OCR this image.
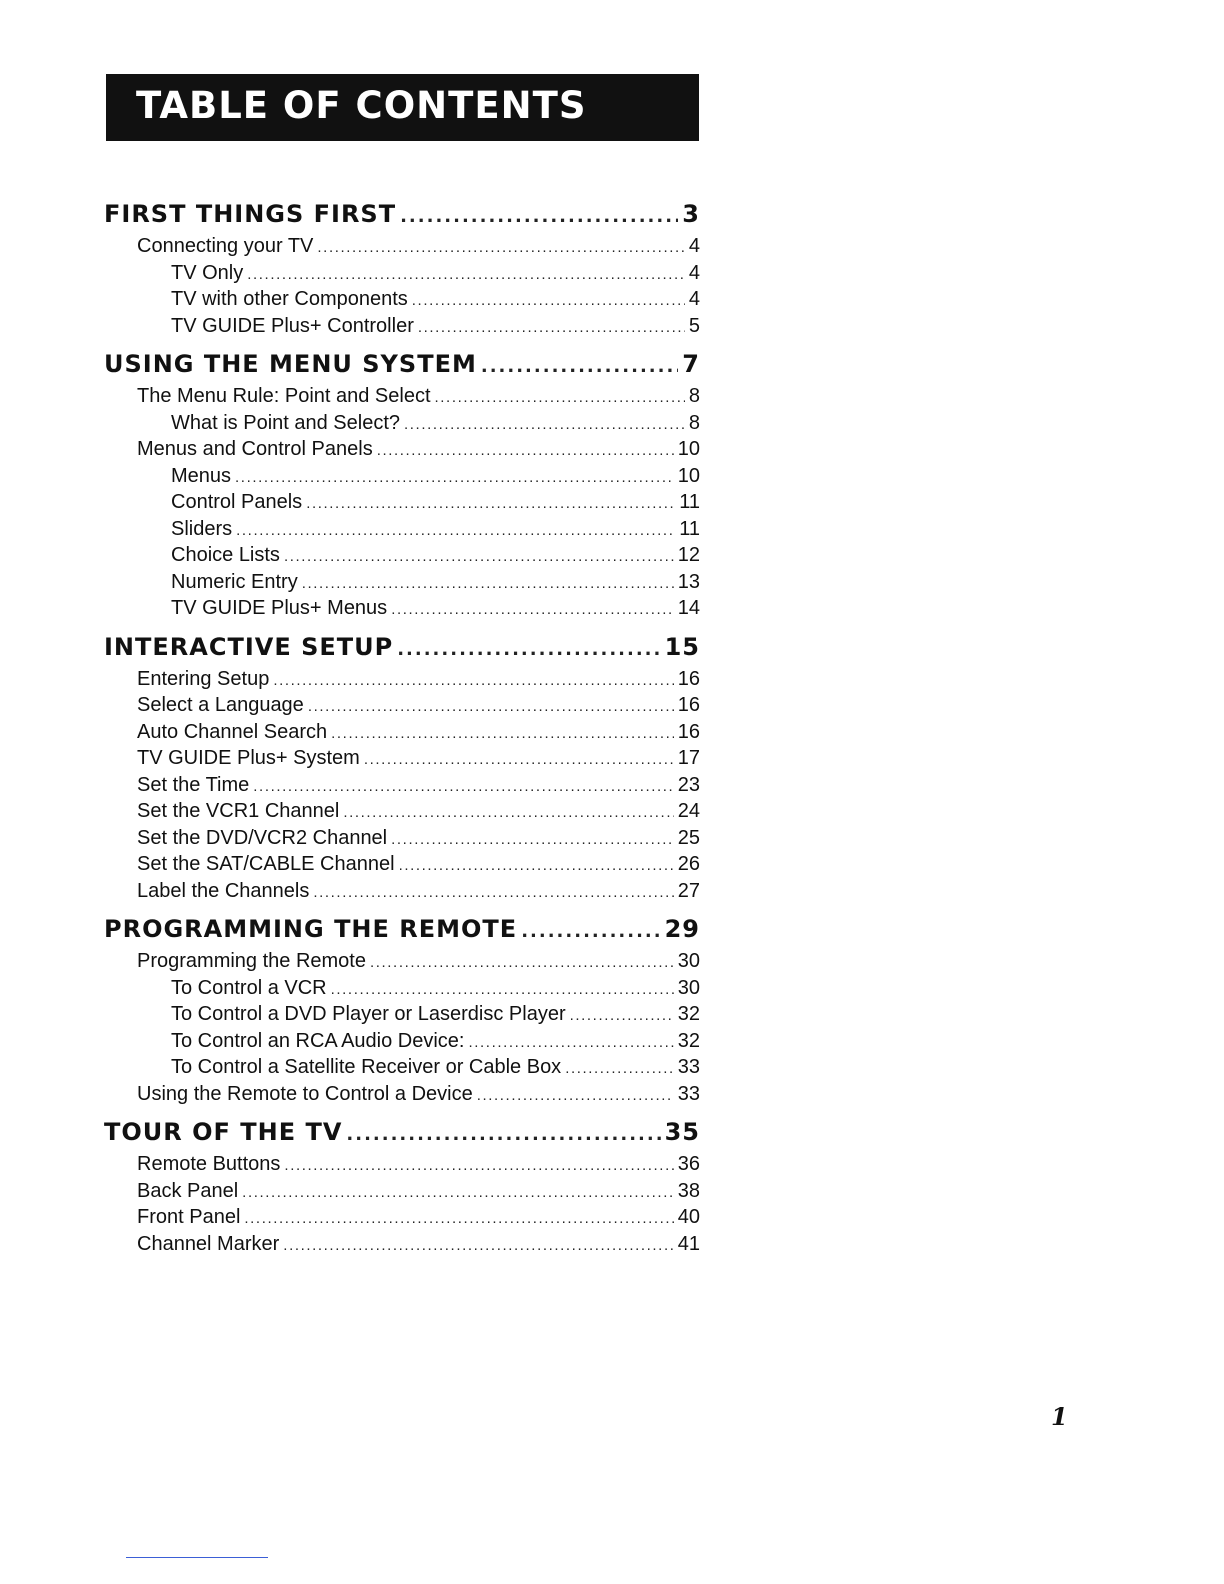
TABLE OF CONTENTS
FIRST THINGS FIRST .....	3
Connecting your TV .....	4
TV Only .....	4
TV with other Components .....	4
TV GUIDE Plus+ Controller .....	5
USING THE MENU SYSTEM .....	7
The Menu Rule: Point and Select .....	8
What is Point and Select? .....	8
Menus and Control Panels .....	10
Menus .....	10
Control Panels .....	11
Sliders .....	11
Choice Lists .....	12
Numeric Entry .....	13
TV GUIDE Plus+ Menus .....	14
INTERACTIVE SETUP .....	15
Entering Setup .....	16
Select a Language .....	16
Auto Channel Search .....	16
TV GUIDE Plus+ System .....	17
Set the Time .....	23
Set the VCR1 Channel .....	24
Set the DVD/VCR2 Channel .....	25
Set the SAT/CABLE Channel .....	26
Label the Channels .....	27
PROGRAMMING THE REMOTE .....	29
Programming the Remote .....	30
To Control a VCR .....	30
To Control a DVD Player or Laserdisc Player .....	32
To Control an RCA Audio Device: .....	32
To Control a Satellite Receiver or Cable Box .....	33
Using the Remote to Control a Device .....	33
TOUR OF THE TV .....	35
Remote Buttons .....	36
Back Panel .....	38
Front Panel .....	40
Channel Marker .....	41
1
